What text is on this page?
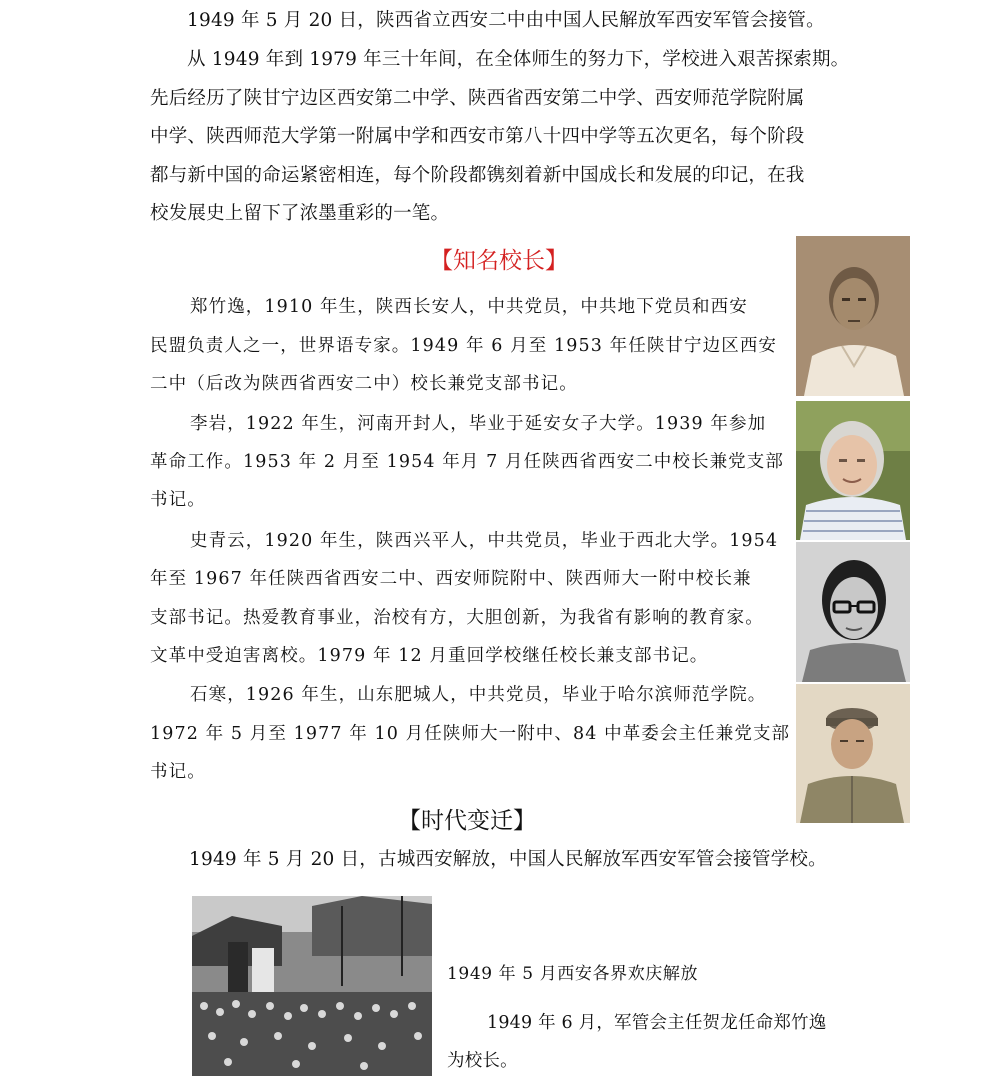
1949 年 5 月 20 日，陕西省立西安二中由中国人民解放军西安军管会接管。
从 1949 年到 1979 年三十年间，在全体师生的努力下，学校进入艰苦探索期。
先后经历了陕甘宁边区西安第二中学、陕西省西安第二中学、西安师范学院附属
中学、陕西师范大学第一附属中学和西安市第八十四中学等五次更名，每个阶段
都与新中国的命运紧密相连，每个阶段都镌刻着新中国成长和发展的印记，在我
校发展史上留下了浓墨重彩的一笔。
【知名校长】
郑竹逸，1910 年生，陕西长安人，中共党员，中共地下党员和西安
民盟负责人之一，世界语专家。1949 年 6 月至 1953 年任陕甘宁边区西安
二中（后改为陕西省西安二中）校长兼党支部书记。
李岩，1922 年生，河南开封人，毕业于延安女子大学。1939 年参加
革命工作。1953 年 2 月至 1954 年月 7 月任陕西省西安二中校长兼党支部
书记。
史青云，1920 年生，陕西兴平人，中共党员，毕业于西北大学。1954
年至 1967 年任陕西省西安二中、西安师院附中、陕西师大一附中校长兼
支部书记。热爱教育事业，治校有方，大胆创新，为我省有影响的教育家。
文革中受迫害离校。1979 年 12 月重回学校继任校长兼支部书记。
石寒，1926 年生，山东肥城人，中共党员，毕业于哈尔滨师范学院。
1972 年 5 月至 1977 年 10 月任陕师大一附中、84 中革委会主任兼党支部
书记。
【时代变迁】
1949 年 5 月 20 日，古城西安解放，中国人民解放军西安军管会接管学校。
1949 年 5 月西安各界欢庆解放
1949 年 6 月，军管会主任贺龙任命郑竹逸
为校长。
